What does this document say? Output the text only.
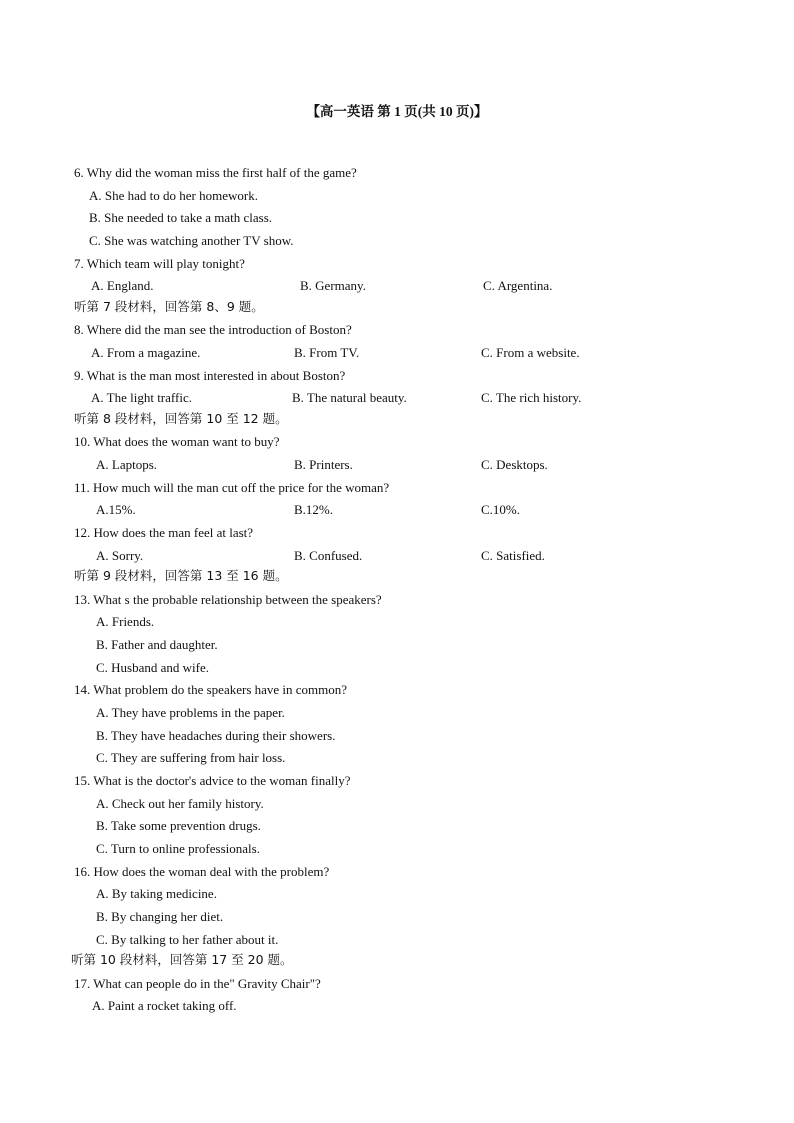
【高一英语 第 1 页(共 10 页)】
6. Why did the woman miss the first half of the game?
A. She had to do her homework.
B. She needed to take a math class.
C. She was watching another TV show.
7. Which team will play tonight?
A. England.	B. Germany.	C. Argentina.
听第 7 段材料，回答第 8、9 题。
8. Where did the man see the introduction of Boston?
A. From a magazine.	B. From TV.	C. From a website.
9. What is the man most interested in about Boston?
A. The light traffic.	B. The natural beauty.	C. The rich history.
听第 8 段材料，回答第 10 至 12 题。
10. What does the woman want to buy?
A. Laptops.	B. Printers.	C. Desktops.
11. How much will the man cut off the price for the woman?
A.15%.	B.12%.	C.10%.
12. How does the man feel at last?
A. Sorry.	B. Confused.	C. Satisfied.
听第 9 段材料，回答第 13 至 16 题。
13. What s the probable relationship between the speakers?
A. Friends.
B. Father and daughter.
C. Husband and wife.
14. What problem do the speakers have in common?
A. They have problems in the paper.
B. They have headaches during their showers.
C. They are suffering from hair loss.
15. What is the doctor's advice to the woman finally?
A. Check out her family history.
B. Take some prevention drugs.
C. Turn to online professionals.
16. How does the woman deal with the problem?
A. By taking medicine.
B. By changing her diet.
C. By talking to her father about it.
听第 10 段材料，回答第 17 至 20 题。
17. What can people do in the" Gravity Chair"?
A. Paint a rocket taking off.
